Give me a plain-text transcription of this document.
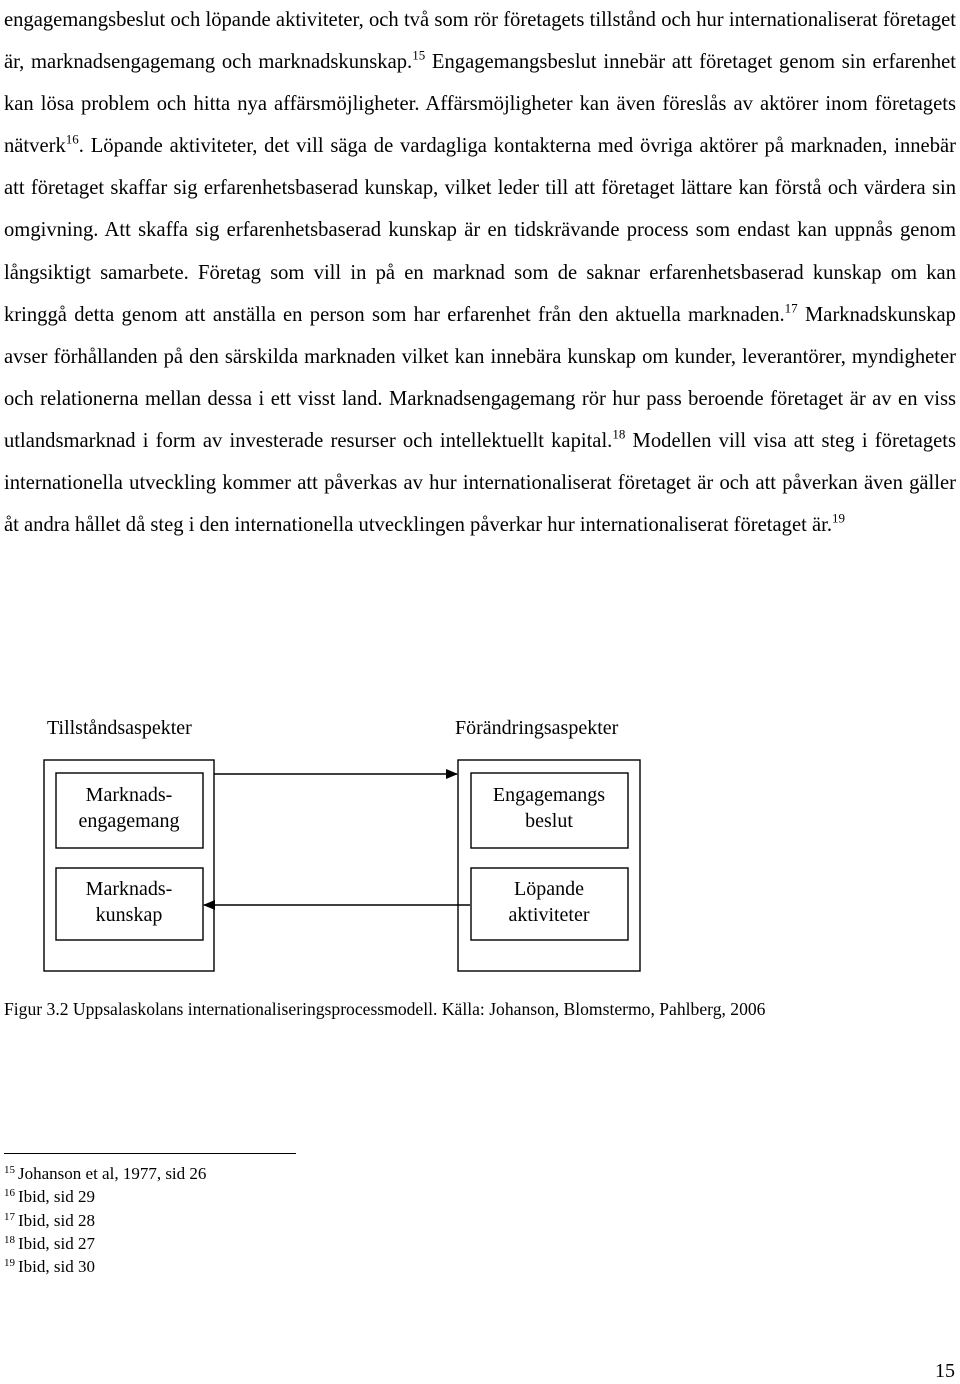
engagemangsbeslut och löpande aktiviteter, och två som rör företagets tillstånd och hur internationaliserat företaget är, marknadsengagemang och marknadskunskap.$^{15}$ Engagemangsbeslut innebär att företaget genom sin erfarenhet kan lösa problem och hitta nya affärsmöjligheter. Affärsmöjligheter kan även föreslås av aktörer inom företagets nätverk$^{16}$. Löpande aktiviteter, det vill säga de vardagliga kontakterna med övriga aktörer på marknaden, innebär att företaget skaffar sig erfarenhetsbaserad kunskap, vilket leder till att företaget lättare kan förstå och värdera sin omgivning. Att skaffa sig erfarenhetsbaserad kunskap är en tidskrävande process som endast kan uppnås genom långsiktigt samarbete. Företag som vill in på en marknad som de saknar erfarenhetsbaserad kunskap om kan kringgå detta genom att anställa en person som har erfarenhet från den aktuella marknaden.$^{17}$ Marknadskunskap avser förhållanden på den särskilda marknaden vilket kan innebära kunskap om kunder, leverantörer, myndigheter och relationerna mellan dessa i ett visst land. Marknadsengagemang rör hur pass beroende företaget är av en viss utlandsmarknad i form av investerade resurser och intellektuellt kapital.$^{18}$ Modellen vill visa att steg i företagets internationella utveckling kommer att påverkas av hur internationaliserat företaget är och att påverkan även gäller åt andra hållet då steg i den internationella utvecklingen påverkar hur internationaliserat företaget är.$^{19}$

Tillståndsaspekter	Förändringsaspekter
Marknads-
engagemang
Marknads-
kunskap
Engagemangs
beslut
Löpande
aktiviteter

Figur 3.2 Uppsalaskolans internationaliseringsprocessmodell. Källa: Johanson, Blomstermo, Pahlberg, 2006

$^{15}$ Johanson et al, 1977, sid 26
$^{16}$ Ibid, sid 29
$^{17}$ Ibid, sid 28
$^{18}$ Ibid, sid 27
$^{19}$ Ibid, sid 30
15
